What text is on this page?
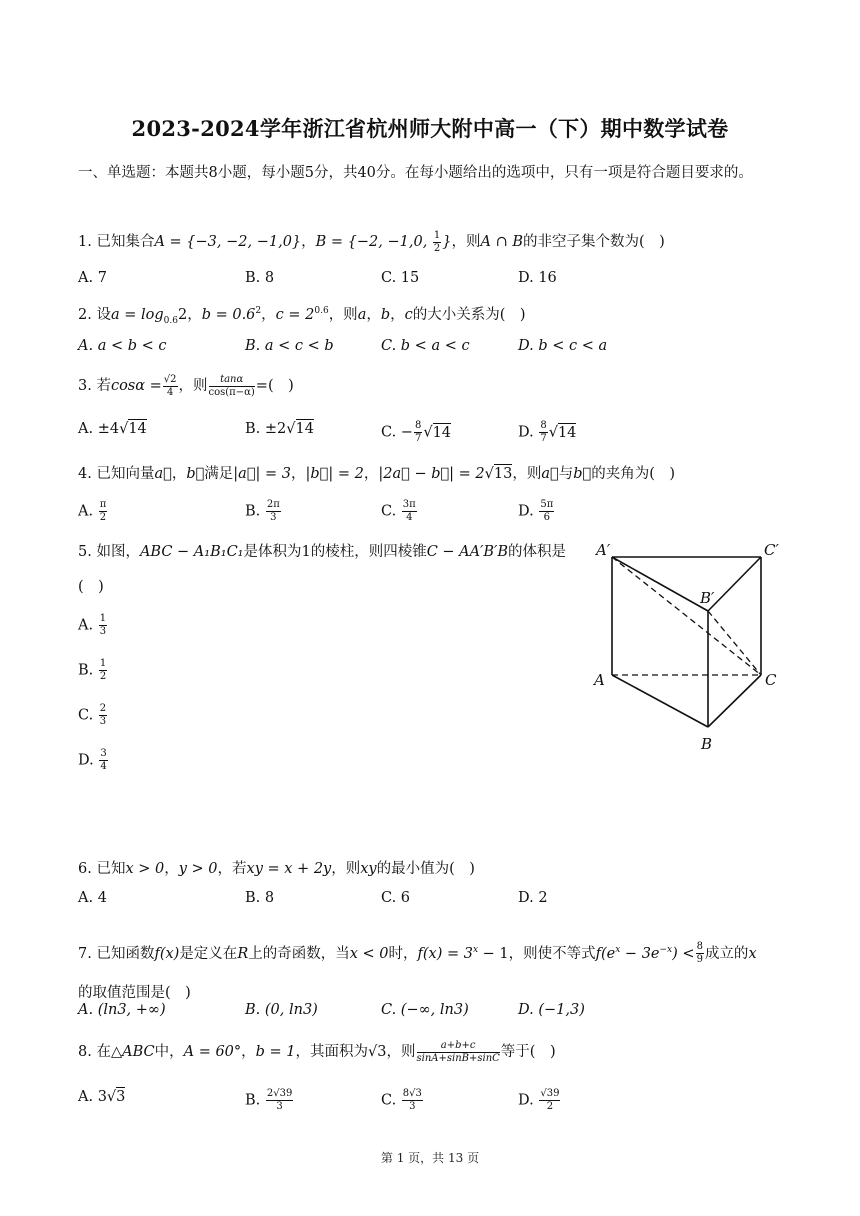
2023-2024学年浙江省杭州师大附中高一（下）期中数学试卷
一、单选题：本题共8小题，每小题5分，共40分。在每小题给出的选项中，只有一项是符合题目要求的。
1. 已知集合A = {−3, −2, −1,0}，B = {−2, −1,0, $\frac{1}{2}$ }，则A ∩ B的非空子集个数为(　)
A. 7	B. 8	C. 15	D. 16
2. 设$a = \log_{0.6}2$，$b = 0.6^2$，$c = 2^{0.6}$，则a，b，c的大小关系为(　)
A. a < b < c	B. a < c < b	C. b < a < c	D. b < c < a
3. 若$\cos\alpha = \frac{√2}{4}$ ，则 $\frac{\tan\alpha}{\cos(\pi-\alpha)}$ =(　)
A. ±4√14	B. ±2√14	C. − $\frac{8}{7} √14$	D. $\frac{8}{7} √14$
4. 已知向量a⃗，b⃗满足|a⃗| = 3，|b⃗| = 2，|2a⃗ − b⃗| = 2√13，则a⃗与b⃗的夹角为(　)
A. $\frac{\pi}{2}$	B. $\frac{2\pi}{3}$	C. $\frac{3\pi}{4}$	D. $\frac{5\pi}{6}$
5. 如图，ABC − A₁B₁C₁是体积为1的棱柱，则四棱锥C − AA′B′B的体积是
(　)
A. $\frac{1}{3}$
B. $\frac{1}{2}$
C. $\frac{2}{3}$
D. $\frac{3}{4}$
A′	C′
B′
A	C
B
6. 已知x > 0，y > 0，若xy = x + 2y，则xy的最小值为(　)
A. 4	B. 8	C. 6	D. 2
7. 已知函数f(x)是定义在R上的奇函数，当x < 0时，$f(x) = 3^x - 1$，则使不等式$f(e^x - 3e^{-x}) < \frac{8}{9}$ 成立的x
的取值范围是(　)
A. (ln3, +∞)	B. (0, ln3)	C. (−∞, ln3)	D. (−1,3)
8. 在△ABC中，A = 60°，b = 1，其面积为√3，则 $\frac{a+b+c}{\sin A+\sin B+\sin C}$ 等于(　)
A. 3√3	B. $\frac{2√39}{3}$	C. $\frac{8√3}{3}$	D. $\frac{√39}{2}$
第 1 页，共 13 页
